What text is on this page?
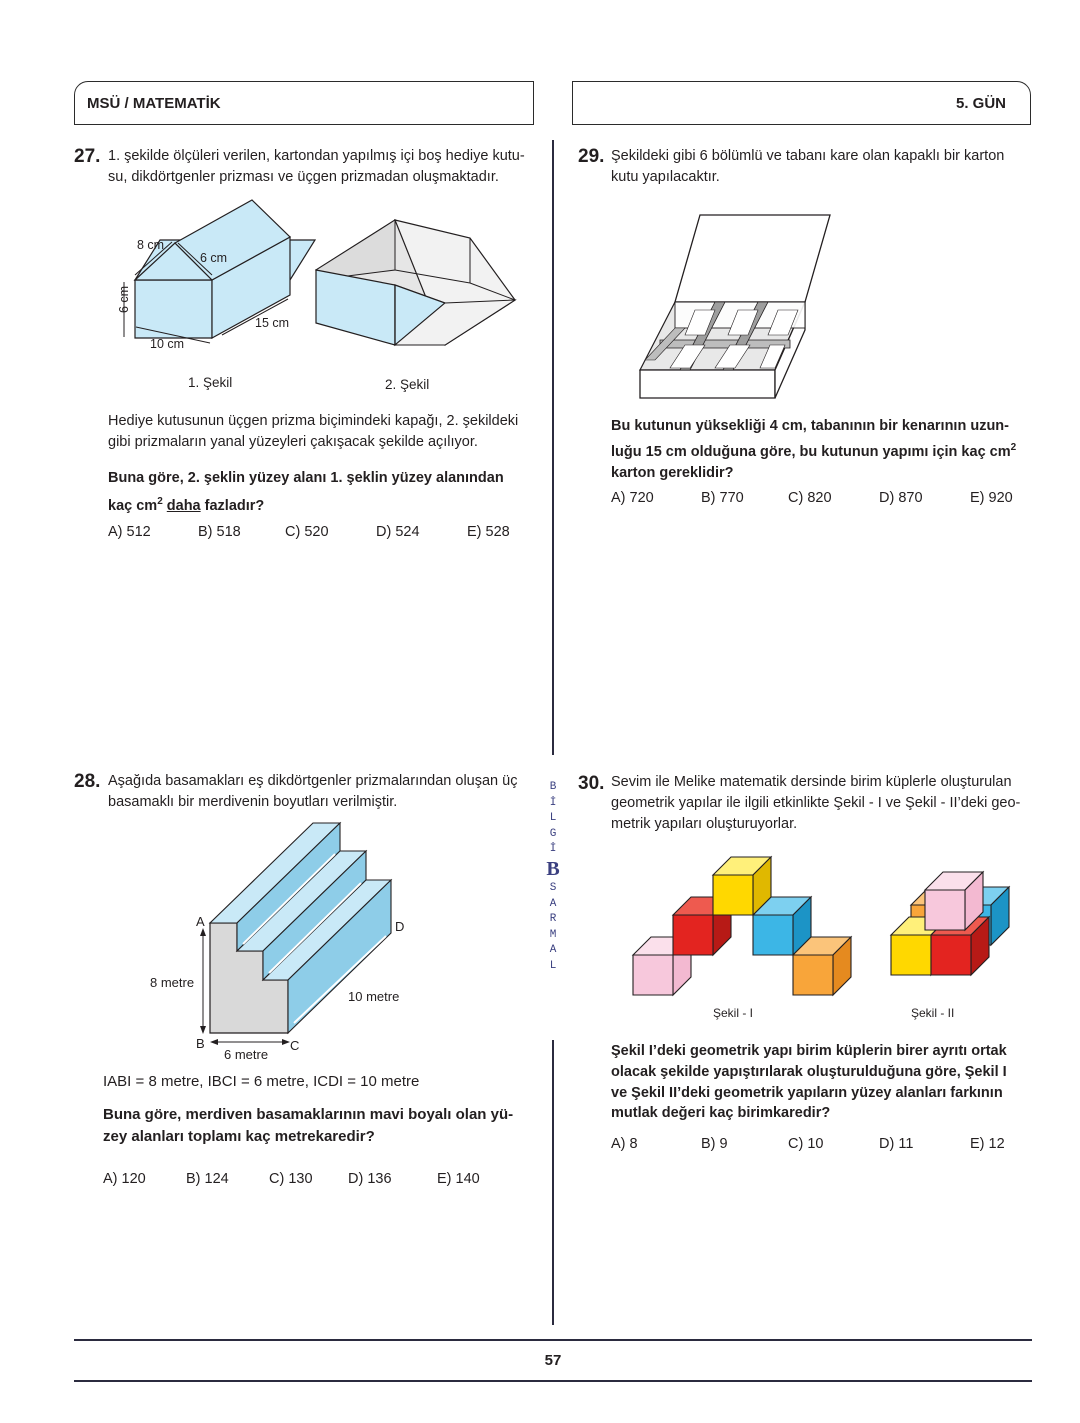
MSÜ / MATEMATİK	5. GÜN
BİLGİ
B
SARMAL
27. 1. şekilde ölçüleri verilen, kartondan yapılmış içi boş hediye kutu-
su, dikdörtgenler prizması ve üçgen prizmadan oluşmaktadır.
8 cm
6 cm
6 cm
15 cm
10 cm
1. Şekil	2. Şekil
Hediye kutusunun üçgen prizma biçimindeki kapağı, 2. şekildeki
gibi prizmaların yanal yüzeyleri çakışacak şekilde açılıyor.
Buna göre, 2. şeklin yüzey alanı 1. şeklin yüzey alanından
kaç $cm^2$ daha fazladır?
A) 512	B) 518	C) 520	D) 524	E) 528
29. Şekildeki gibi 6 bölümlü ve tabanı kare olan kapaklı bir karton
kutu yapılacaktır.
Bu kutunun yüksekliği 4 cm, tabanının bir kenarının uzun-
luğu 15 cm olduğuna göre, bu kutunun yapımı için kaç $cm^2$
karton gereklidir?
A) 720	B) 770	C) 820	D) 870	E) 920
28. Aşağıda basamakları eş dikdörtgenler prizmalarından oluşan üç
basamaklı bir merdivenin boyutları verilmiştir.
A
B	C
D
8 metre
6 metre
10 metre
IABI = 8 metre, IBCI = 6 metre, ICDI = 10 metre
Buna göre, merdiven basamaklarının mavi boyalı olan yü-
zey alanları toplamı kaç metrekaredir?
A) 120	B) 124	C) 130 D) 136	E) 140
30. Sevim ile Melike matematik dersinde birim küplerle oluşturulan
geometrik yapılar ile ilgili etkinlikte Şekil - I ve Şekil - II’deki geo-
metrik yapıları oluşturuyorlar.
Şekil - I	Şekil - II
Şekil I’deki geometrik yapı birim küplerin birer ayrıtı ortak
olacak şekilde yapıştırılarak oluşturulduğuna göre, Şekil I
ve Şekil II’deki geometrik yapıların yüzey alanları farkının
mutlak değeri kaç birimkaredir?
A) 8	B) 9	C) 10	D) 11	E) 12
57
